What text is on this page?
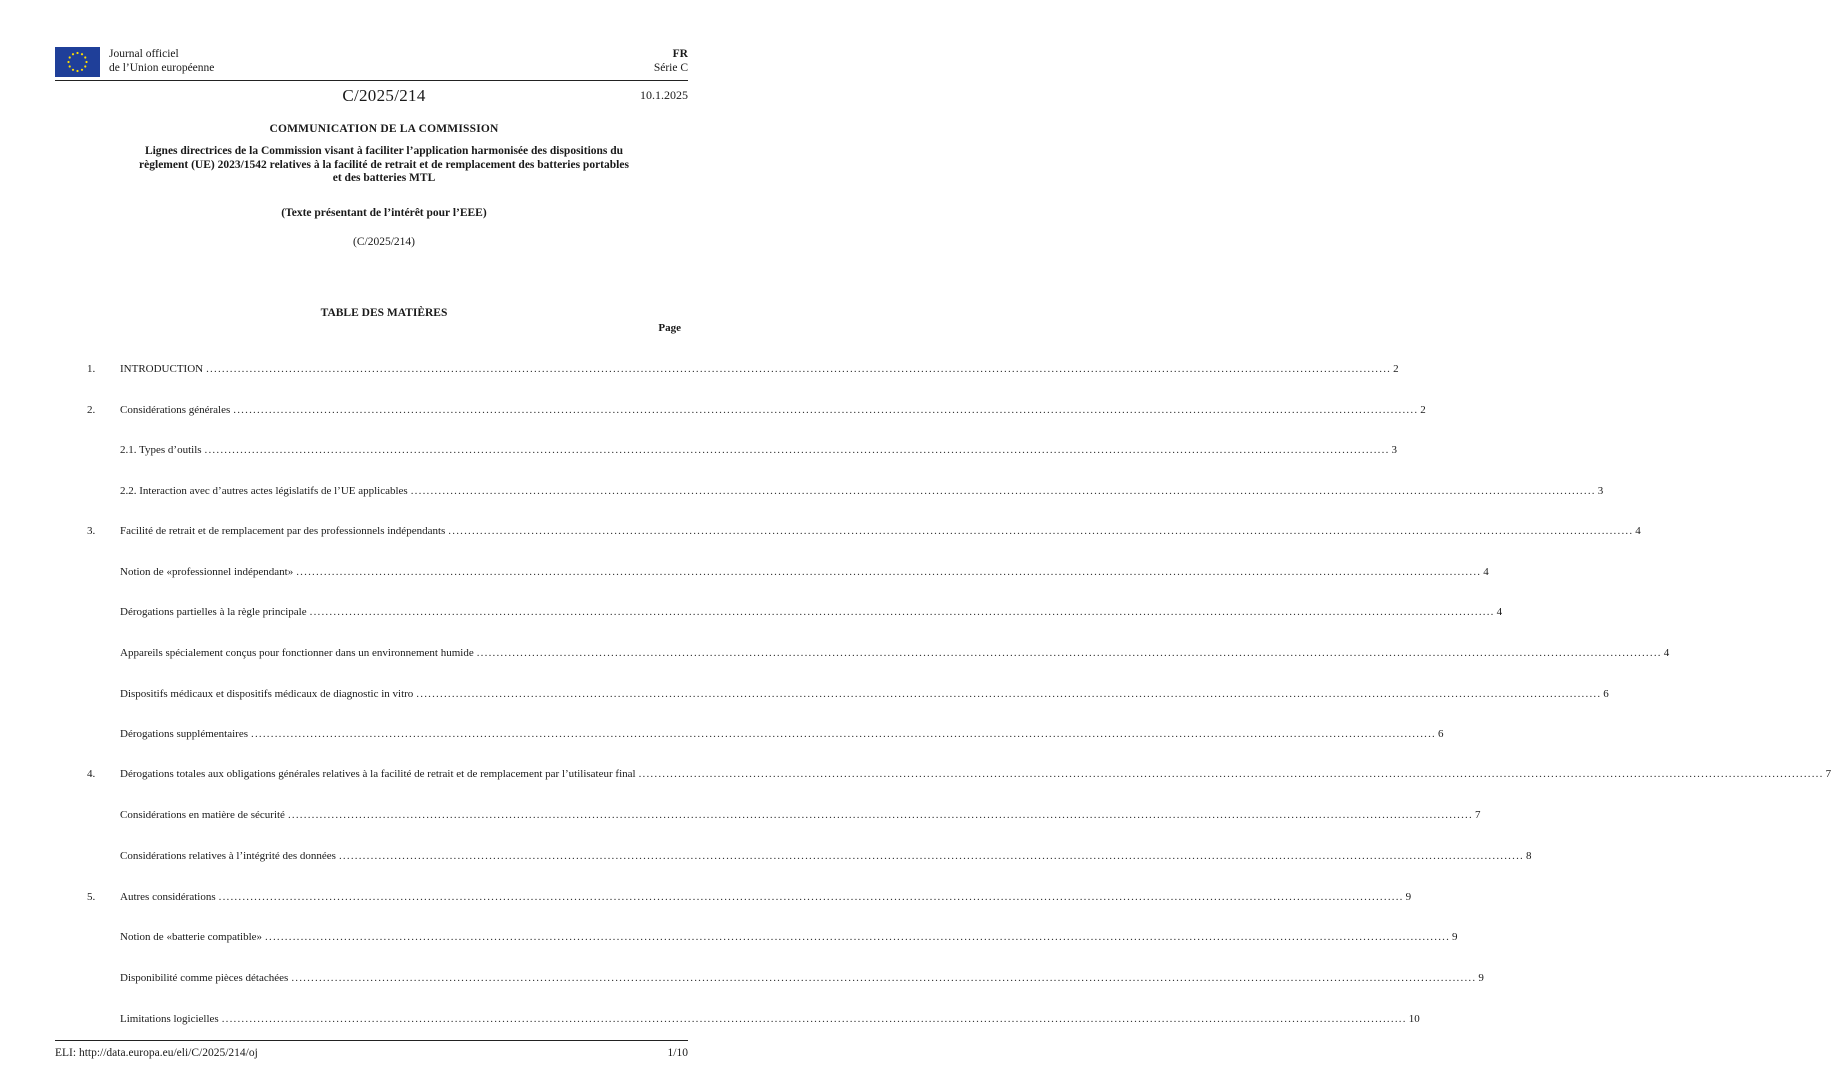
Journal officiel
de l’Union européenne
FR
Série C
C/2025/214	10.1.2025
COMMUNICATION DE LA COMMISSION
Lignes directrices de la Commission visant à faciliter l’application harmonisée des dispositions du
règlement (UE) 2023/1542 relatives à la facilité de retrait et de remplacement des batteries portables
et des batteries MTL
(Texte présentant de l’intérêt pour l’EEE)
(C/2025/214)
TABLE DES MATIÈRES
Page
1. INTRODUCTION ............................................................................................................................................................................................................................................................................................................ 2
2. Considérations générales ............................................................................................................................................................................................................................................................................................................ 2
2.1. Types d’outils ............................................................................................................................................................................................................................................................................................................ 3
2.2. Interaction avec d’autres actes législatifs de l’UE applicables ............................................................................................................................................................................................................................................................................................................ 3
3. Facilité de retrait et de remplacement par des professionnels indépendants ............................................................................................................................................................................................................................................................................................................ 4
Notion de «professionnel indépendant» ............................................................................................................................................................................................................................................................................................................ 4
Dérogations partielles à la règle principale ............................................................................................................................................................................................................................................................................................................ 4
Appareils spécialement conçus pour fonctionner dans un environnement humide ............................................................................................................................................................................................................................................................................................................ 4
Dispositifs médicaux et dispositifs médicaux de diagnostic in vitro ............................................................................................................................................................................................................................................................................................................ 6
Dérogations supplémentaires ............................................................................................................................................................................................................................................................................................................ 6
4. Dérogations totales aux obligations générales relatives à la facilité de retrait et de remplacement par l’utilisateur final ............................................................................................................................................................................................................................................................................................................ 7
Considérations en matière de sécurité ............................................................................................................................................................................................................................................................................................................ 7
Considérations relatives à l’intégrité des données ............................................................................................................................................................................................................................................................................................................ 8
5. Autres considérations ............................................................................................................................................................................................................................................................................................................ 9
Notion de «batterie compatible» ............................................................................................................................................................................................................................................................................................................ 9
Disponibilité comme pièces détachées ............................................................................................................................................................................................................................................................................................................ 9
Limitations logicielles ............................................................................................................................................................................................................................................................................................................ 10
ELI: http://data.europa.eu/eli/C/2025/214/oj	1/10
